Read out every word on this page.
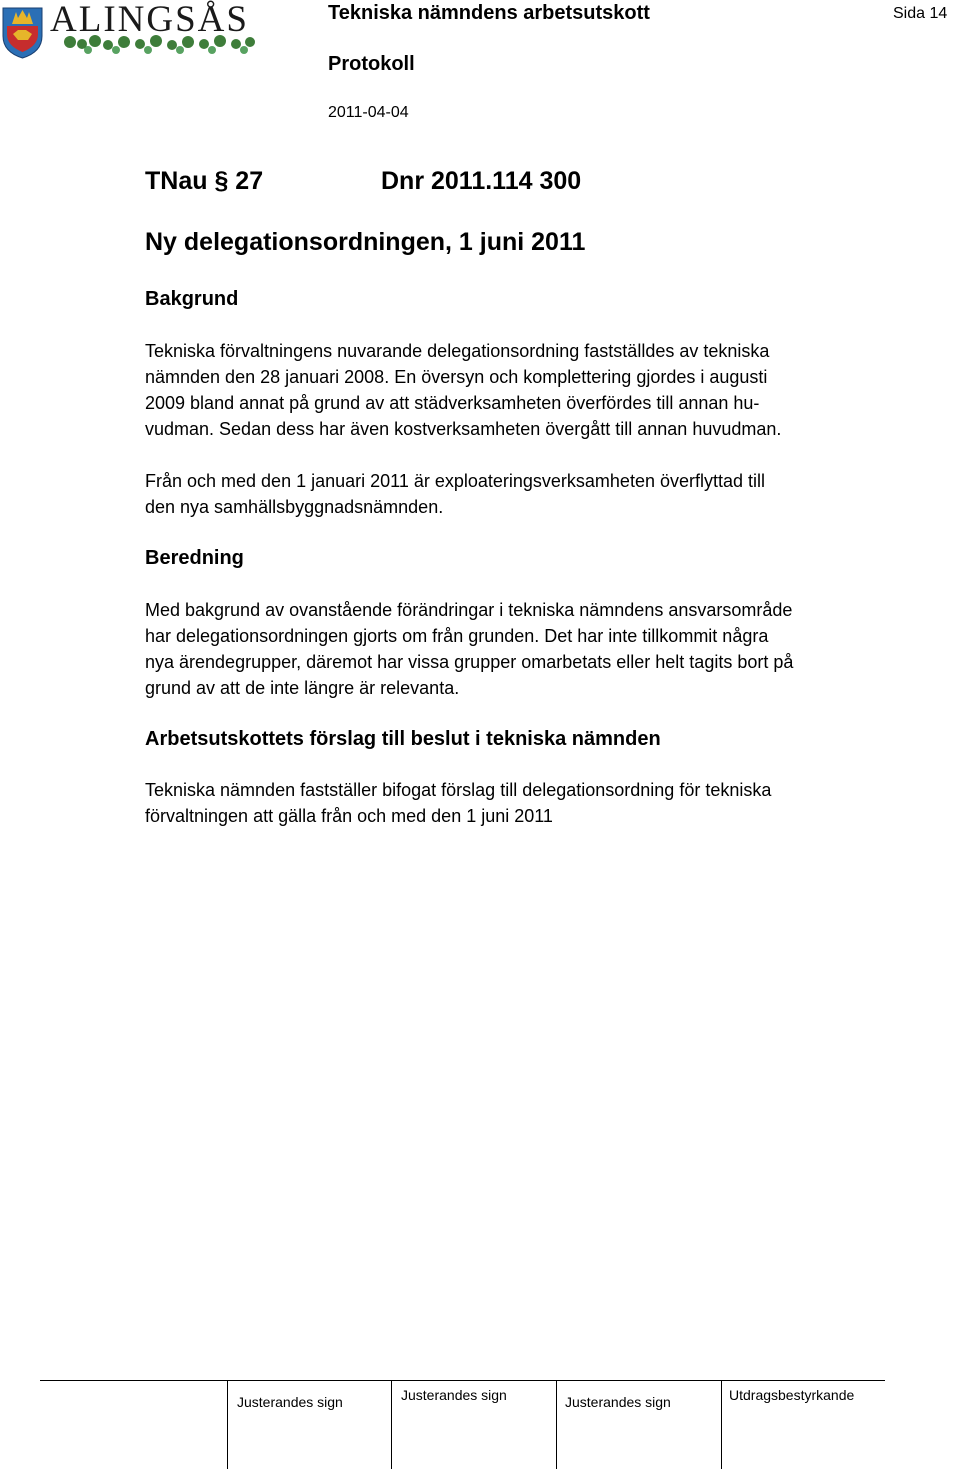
ALINGSÅS	Tekniska nämndens arbetsutskott	Sida 14
Protokoll
2011-04-04
TNau § 27	Dnr 2011.114 300
Ny delegationsordningen, 1 juni 2011
Bakgrund

Tekniska förvaltningens nuvarande delegationsordning fastställdes av tekniska

nämnden den 28 januari 2008. En översyn och komplettering gjordes i augusti

2009 bland annat på grund av att städverksamheten överfördes till annan hu-

vudman. Sedan dess har även kostverksamheten övergått till annan huvudman.

Från och med den 1 januari 2011 är exploateringsverksamheten överflyttad till

den nya samhällsbyggnadsnämnden.

Beredning

Med bakgrund av ovanstående förändringar i tekniska nämndens ansvarsområde

har delegationsordningen gjorts om från grunden. Det har inte tillkommit några

nya ärendegrupper, däremot har vissa grupper omarbetats eller helt tagits bort på

grund av att de inte längre är relevanta.

Arbetsutskottets förslag till beslut i tekniska nämnden

Tekniska nämnden fastställer bifogat förslag till delegationsordning för tekniska

förvaltningen att gälla från och med den 1 juni 2011

Justerandes sign	Justerandes sign	Justerandes sign	Utdragsbestyrkande
